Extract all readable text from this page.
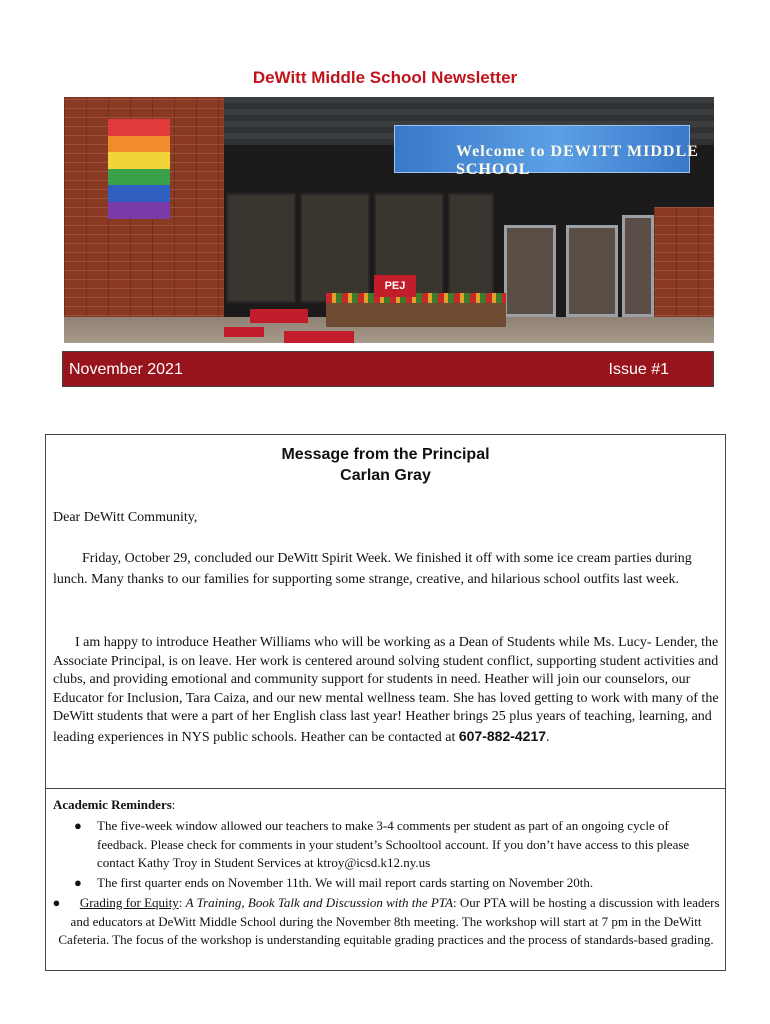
DeWitt Middle School Newsletter
Welcome to DEWITT MIDDLE SCHOOL
PEJ
November 2021	Issue #1
Message from the Principal
Carlan Gray
Dear DeWitt Community,
Friday, October 29, concluded our DeWitt Spirit Week. We finished it off with some ice cream parties during lunch. Many thanks to our families for supporting some strange, creative, and hilarious school outfits last week.
I am happy to introduce Heather Williams who will be working as a Dean of Students while Ms. Lucy- Lender, the Associate Principal, is on leave. Her work is centered around solving student conflict, supporting student activities and clubs, and providing emotional and community support for students in need. Heather will join our counselors, our Educator for Inclusion, Tara Caiza, and our new mental wellness team. She has loved getting to work with many of the DeWitt students that were a part of her English class last year! Heather brings 25 plus years of teaching, learning, and leading experiences in NYS public schools. Heather can be contacted at 607-882-4217.
Academic Reminders:
●	The five-week window allowed our teachers to make 3-4 comments per student as part of an ongoing cycle of feedback. Please check for comments in your student’s Schooltool account. If you don’t have access to this please contact Kathy Troy in Student Services at ktroy@icsd.k12.ny.us
●	The first quarter ends on November 11th. We will mail report cards starting on November 20th.
● Grading for Equity: A Training, Book Talk and Discussion with the PTA: Our PTA will be hosting a discussion with leaders and educators at DeWitt Middle School during the November 8th meeting. The workshop will start at 7 pm in the DeWitt Cafeteria. The focus of the workshop is understanding equitable grading practices and the process of standards-based grading.
